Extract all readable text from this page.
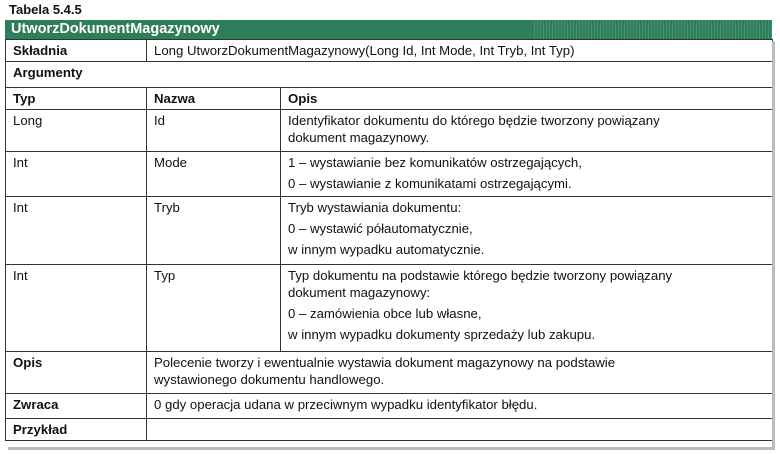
Tabela 5.4.5
UtworzDokumentMagazynowy
Składnia	Long UtworzDokumentMagazynowy(Long Id, Int Mode, Int Tryb, Int Typ)	
Argumenty		
Typ	Nazwa	Opis
Long	Id	Identyfikator dokumentu do którego będzie tworzony powiązany
dokument magazynowy.

Int	Mode	1 – wystawianie bez komunikatów ostrzegających,
0 – wystawianie z komunikatami ostrzegającymi.

Int	Tryb	Tryb wystawiania dokumentu:
0 – wystawić półautomatycznie,
w innym wypadku automatycznie.

Int	Typ	Typ dokumentu na podstawie którego będzie tworzony powiązany
dokument magazynowy:
0 – zamówienia obce lub własne,
w innym wypadku dokumenty sprzedaży lub zakupu.

Opis	Polecenie tworzy i ewentualnie wystawia dokument magazynowy na podstawie
wystawionego dokumentu handlowego.	

Zwraca	0 gdy operacja udana w przeciwnym wypadku identyfikator błędu.	
Przykład		
